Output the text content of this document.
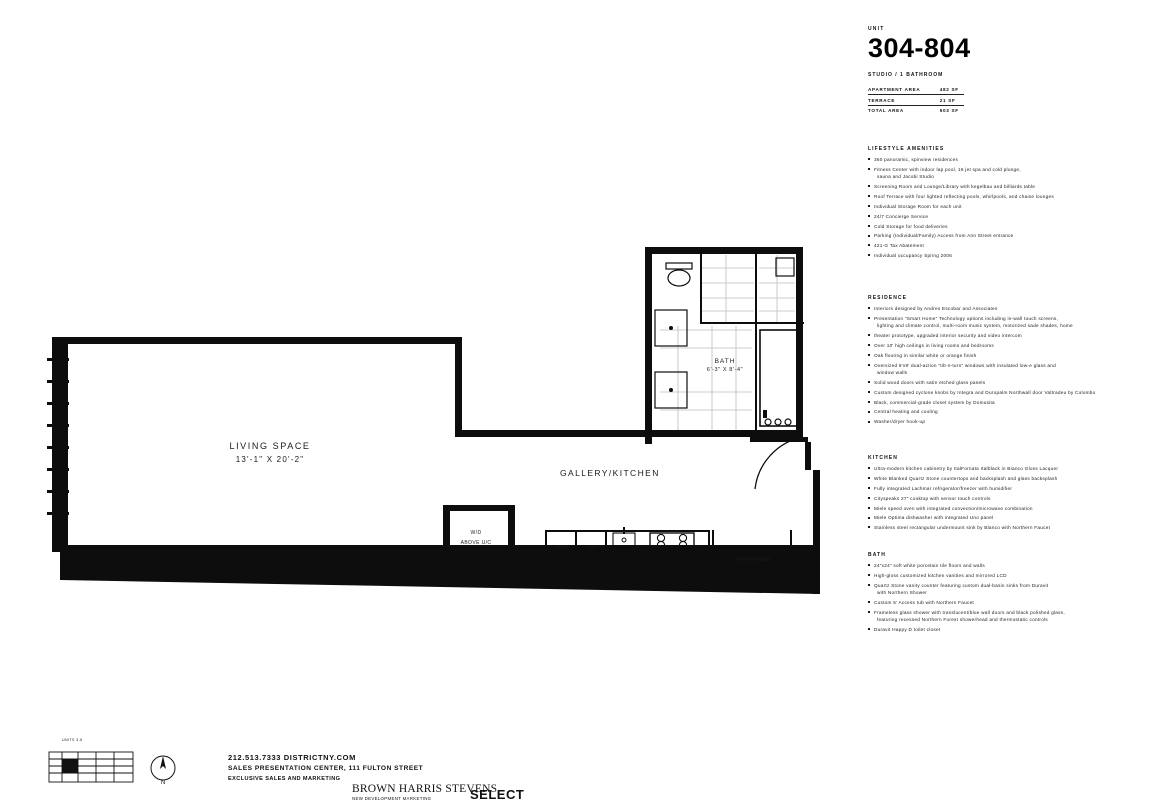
LIVING SPACE
13'-1" X 20'-2"
GALLERY/KITCHEN
BATH
6'-3" X 8'-4"
W/D
ABOVE U/C
REF	DW
WARDROBE
UNIT
304-804
STUDIO / 1 BATHROOM
APARTMENT AREA	482 SF
TERRACE	21 SF
TOTAL AREA	503 SF
LIFESTYLE AMENITIES
360 panoramic, spinview residences
Fitness Center with indoor lap pool, 16 jet spa and cold plunge,
sauna and Jacobi Studio
Screening Room and Lounge/Library with kegelbau and billiards table
Roof Terrace with four lighted reflecting pools, whirlpools, and chaise lounges
Individual Storage Room for each unit
24/7 Concierge Service
Cold Storage for food deliveries
Parking (Individual/Family) Access from Ann Street entrance
421-G Tax Abatement
Individual occupancy Spring 2006
RESIDENCE
Interiors designed by Andres Escobar and Associates
Presentation "Smart Home" Technology options including in-wall touch screens,
lighting and climate control, multi-room music system, motorized sade shades, home
theater prototype, upgraded interior security and video intercom
Over 10' high ceilings in living rooms and bedrooms
Oak flooring in similar white or orange finish
Oversized 8'x9' dual-action "tilt-n-turn" windows with insulated low-e glass and
window walls
Solid wood doors with satin etched glass panels
Custom designed cyclone knobs by Integra and Duropalm Northwall door Valtradeu by Colombo
Black, commercial-grade closet system by Domusita
Central heating and cooling
Washer/dryer hook-up
KITCHEN
Ultra-modern kitchen cabinetry by ItalFornata Italblack in Bianco Gloss Lacquer
White Blanked Quartz Stone countertops and backsplash and glass backsplash
Fully integrated Lachmar refrigerator/freezer with humidifier
Cityspeaks 27" cooktop with sensor touch controls
Miele speed oven with integrated convection/microwave combination
Miele Optima dishwasher with integrated Uno panel
Stainless steel rectangular undermount sink by Blanco with Northern Faucet
BATH
24"x24" soft white porcelain tile floors and walls
High-gloss customized kitchen vanities and mirrored LCD
Quartz Stone vanity counter featuring custom dual-basin sinks from Duravit
with Northern Shower
Custom 5' Access tub with Northern Faucet
Frameless glass shower with translucent/blue wall doors and black polished glass,
featuring recessed Northern Forest showerhead and thermostatic controls
Duravit Happy D toilet closet
UNITS 3-8
N
212.513.7333 DISTRICTNY.COM
SALES PRESENTATION CENTER, 111 FULTON STREET
EXCLUSIVE SALES AND MARKETING
BROWN HARRIS STEVENS
NEW DEVELOPMENT MARKETING	SELECT
